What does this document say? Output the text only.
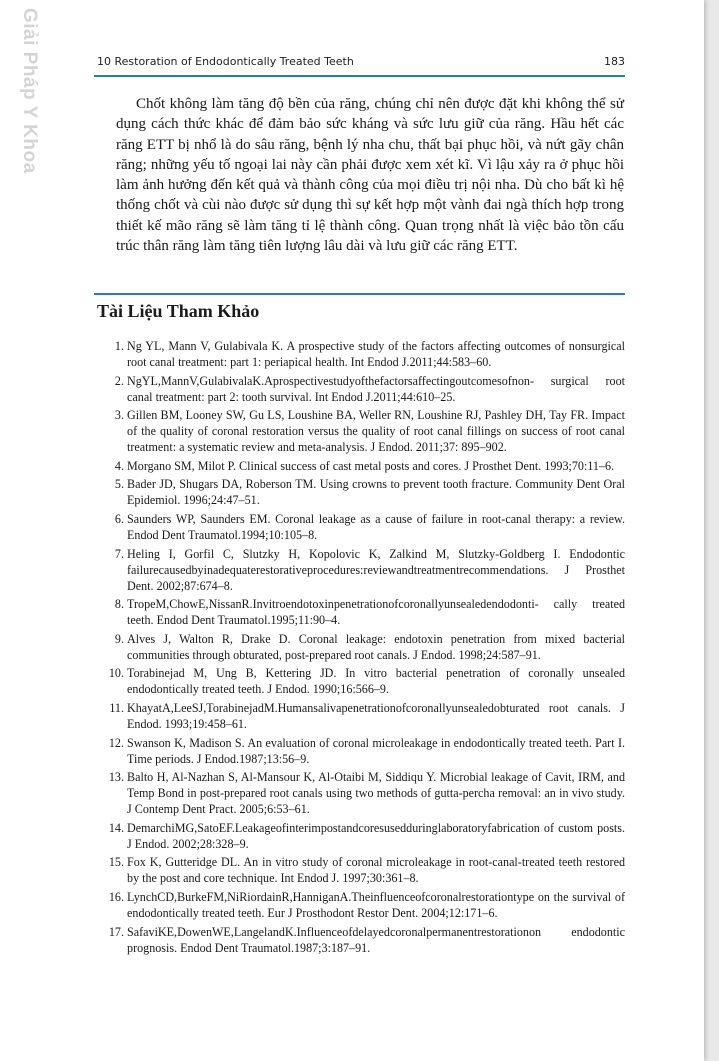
Giải Pháp Y Khoa	10 Restoration of Endodontically Treated Teeth	183

Chốt không làm tăng độ bền của răng, chúng chỉ nên được đặt khi không thể sử dụng cách thức khác để đảm bảo sức kháng và sức lưu giữ của răng. Hầu hết các răng ETT bị nhổ là do sâu răng, bệnh lý nha chu, thất bại phục hồi, và nứt gãy chân răng; những yếu tố ngoại lai này cần phải được xem xét kĩ. Vì lậu xảy ra ở phục hồi làm ảnh hưởng đến kết quả và thành công của mọi điều trị nội nha. Dù cho bất kì hệ thống chốt và cùi nào được sử dụng thì sự kết hợp một vành đai ngà thích hợp trong thiết kế mão răng sẽ làm tăng tỉ lệ thành công. Quan trọng nhất là việc bảo tồn cấu trúc thân răng làm tăng tiên lượng lâu dài và lưu giữ các răng ETT.

Tài Liệu Tham Khảo
1.
Ng YL, Mann V, Gulabivala K. A prospective study of the factors affecting outcomes of nonsurgical root canal treatment: part 1: periapical health. Int Endod J.2011;44:583–60.
2.
NgYL,MannV,GulabivalaK.Aprospectivestudyofthefactorsaffectingoutcomesofnon- surgical root canal treatment: part 2: tooth survival. Int Endod J.2011;44:610–25.
3.
Gillen BM, Looney SW, Gu LS, Loushine BA, Weller RN, Loushine RJ, Pashley DH, Tay FR. Impact of the quality of coronal restoration versus the quality of root canal fillings on success of root canal treatment: a systematic review and meta-analysis. J Endod. 2011;37: 895–902.
4.
Morgano SM, Milot P. Clinical success of cast metal posts and cores. J Prosthet Dent. 1993;70:11–6.
5.
Bader JD, Shugars DA, Roberson TM. Using crowns to prevent tooth fracture. Community Dent Oral Epidemiol. 1996;24:47–51.
6.
Saunders WP, Saunders EM. Coronal leakage as a cause of failure in root-canal therapy: a review. Endod Dent Traumatol.1994;10:105–8.
7.
Heling I, Gorfil C, Slutzky H, Kopolovic K, Zalkind M, Slutzky-Goldberg I. Endodontic failurecausedbyinadequaterestorativeprocedures:reviewandtreatmentrecommendations. J Prosthet Dent. 2002;87:674–8.
8.
TropeM,ChowE,NissanR.Invitroendotoxinpenetrationofcoronallyunsealedendodonti- cally treated teeth. Endod Dent Traumatol.1995;11:90–4.
9.
Alves J, Walton R, Drake D. Coronal leakage: endotoxin penetration from mixed bacterial communities through obturated, post-prepared root canals. J Endod. 1998;24:587–91.
10.
Torabinejad M, Ung B, Kettering JD. In vitro bacterial penetration of coronally unsealed endodontically treated teeth. J Endod. 1990;16:566–9.
11.
KhayatA,LeeSJ,TorabinejadM.Humansalivapenetrationofcoronallyunsealedobturated root canals. J Endod. 1993;19:458–61.
12.
Swanson K, Madison S. An evaluation of coronal microleakage in endodontically treated teeth. Part I. Time periods. J Endod.1987;13:56–9.
13.
Balto H, Al-Nazhan S, Al-Mansour K, Al-Otaibi M, Siddiqu Y. Microbial leakage of Cavit, IRM, and Temp Bond in post-prepared root canals using two methods of gutta-percha removal: an in vivo study. J Contemp Dent Pract. 2005;6:53–61.
14.
DemarchiMG,SatoEF.Leakageofinterimpostandcoresusedduringlaboratoryfabrication of custom posts. J Endod. 2002;28:328–9.
15.
Fox K, Gutteridge DL. An in vitro study of coronal microleakage in root-canal-treated teeth restored by the post and core technique. Int Endod J. 1997;30:361–8.
16.
LynchCD,BurkeFM,NiRiordainR,HanniganA.Theinfluenceofcoronalrestorationtype on the survival of endodontically treated teeth. Eur J Prosthodont Restor Dent. 2004;12:171–6.
17.
SafaviKE,DowenWE,LangelandK.Influenceofdelayedcoronalpermanentrestorationon endodontic prognosis. Endod Dent Traumatol.1987;3:187–91.
